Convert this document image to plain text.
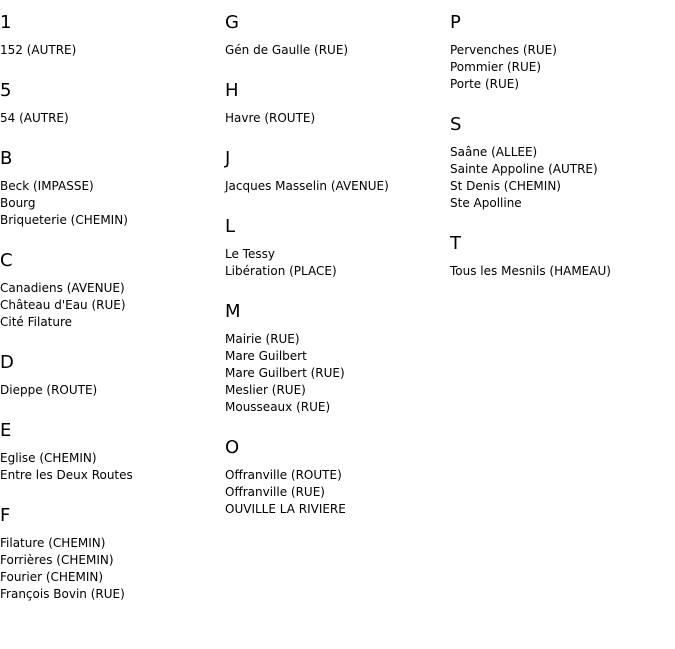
1
152 (AUTRE)
5
54 (AUTRE)
B
Beck (IMPASSE)
Bourg
Briqueterie (CHEMIN)
C
Canadiens (AVENUE)
Château d'Eau (RUE)
Cité Filature
D
Dieppe (ROUTE)
E
Eglise (CHEMIN)
Entre les Deux Routes
F
Filature (CHEMIN)
Forrières (CHEMIN)
Fourier (CHEMIN)
François Bovin (RUE)
G
Gén de Gaulle (RUE)
H
Havre (ROUTE)
J
Jacques Masselin (AVENUE)
L
Le Tessy
Libération (PLACE)
M
Mairie (RUE)
Mare Guilbert
Mare Guilbert (RUE)
Meslier (RUE)
Mousseaux (RUE)
O
Offranville (ROUTE)
Offranville (RUE)
OUVILLE LA RIVIERE
P
Pervenches (RUE)
Pommier (RUE)
Porte (RUE)
S
Saâne (ALLEE)
Sainte Appoline (AUTRE)
St Denis (CHEMIN)
Ste Apolline
T
Tous les Mesnils (HAMEAU)
